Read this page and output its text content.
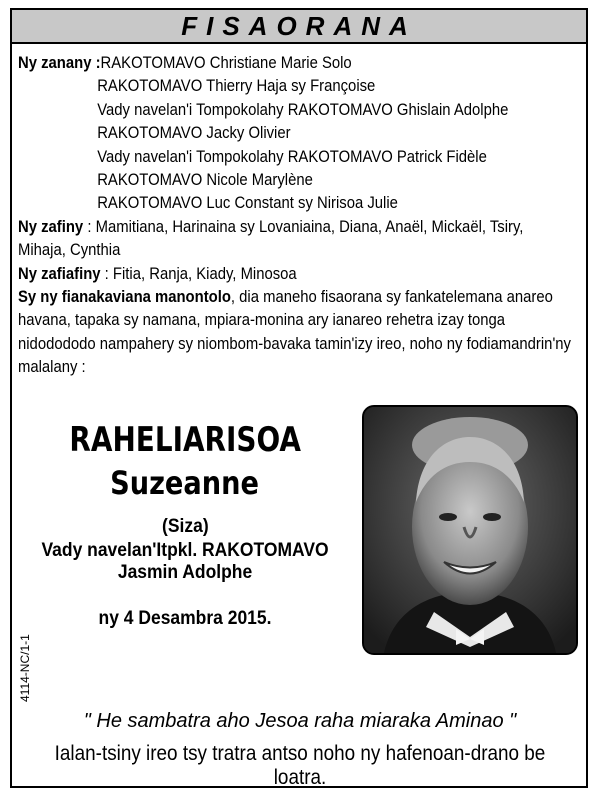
FISAORANA
Ny zanany :RAKOTOMAVO Christiane Marie Solo
RAKOTOMAVO Thierry Haja sy Françoise
Vady navelan'i Tompokolahy RAKOTOMAVO Ghislain Adolphe
RAKOTOMAVO Jacky Olivier
Vady navelan'i Tompokolahy RAKOTOMAVO Patrick Fidèle
RAKOTOMAVO Nicole Marylène
RAKOTOMAVO Luc Constant sy Nirisoa Julie
Ny zafiny : Mamitiana, Harinaina sy Lovaniaina, Diana, Anaël, Mickaël, Tsiry,
Mihaja, Cynthia
Ny zafiafiny : Fitia, Ranja, Kiady, Minosoa
Sy ny fianakaviana manontolo, dia maneho fisaorana sy fankatelemana anareo
havana, tapaka sy namana, mpiara-monina ary ianareo rehetra izay tonga
nidodododo nampahery sy niombom-bavaka tamin'izy ireo, noho ny fodiamandrin'ny
malalany :
RAHELIARISOA
Suzeanne
(Siza)
Vady navelan'Itpkl. RAKOTOMAVO
Jasmin Adolphe
ny 4 Desambra 2015.
4114-NC/1-1
" He sambatra aho Jesoa raha miaraka Aminao "
Ialan-tsiny ireo tsy tratra antso noho ny hafenoan-drano be loatra.
